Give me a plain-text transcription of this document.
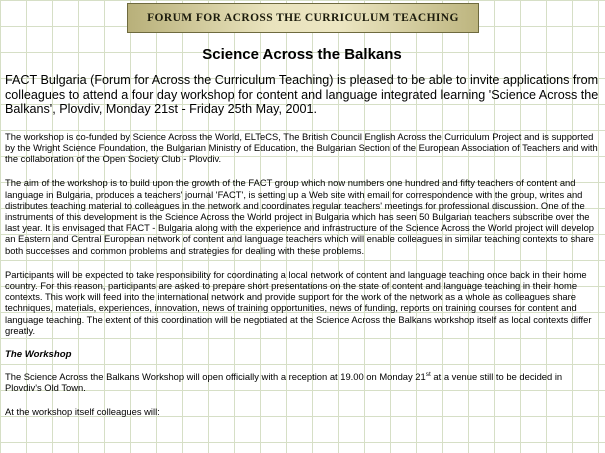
FORUM FOR ACROSS THE CURRICULUM TEACHING
Science Across the Balkans

FACT Bulgaria (Forum for Across the Curriculum Teaching) is pleased to be able to invite applications from colleagues to attend a four day workshop for content and language integrated learning 'Science Across the Balkans', Plovdiv, Monday 21st - Friday 25th May, 2001.

The workshop is co-funded by Science Across the World, ELTeCS, The British Council English Across the Curriculum Project and is supported by the Wright Science Foundation, the Bulgarian Ministry of Education, the Bulgarian Section of the European Association of Teachers and with the collaboration of the Open Society Club - Plovdiv.

The aim of the workshop is to build upon the growth of the FACT group which now numbers one hundred and fifty teachers of content and language in Bulgaria, produces a teachers' journal 'FACT', is setting up a Web site with email for correspondence with the group, writes and distributes teaching material to colleagues in the network and coordinates regular teachers' meetings for professional discussion. One of the instruments of this development is the Science Across the World project in Bulgaria which has seen 50 Bulgarian teachers subscribe over the last year. It is envisaged that FACT - Bulgaria along with the experience and infrastructure of the Science Across the World project will develop an Eastern and Central European network of content and language teachers which will enable colleagues in similar teaching contexts to share both successes and common problems and strategies for dealing with these problems.

Participants will be expected to take responsibility for coordinating a local network of content and language teaching once back in their home country. For this reason, participants are asked to prepare short presentations on the state of content and language teaching in their home contexts. This work will feed into the international network and provide support for the work of the network as a whole as colleagues share techniques, materials, experiences, innovation, news of training opportunities, news of funding, reports on training courses for content and language teaching. The extent of this coordination will be negotiated at the Science Across the Balkans workshop itself as local contexts differ greatly.

The Workshop

The Science Across the Balkans Workshop will open officially with a reception at 19.00 on Monday 21st at a venue still to be decided in Plovdiv's Old Town.

At the workshop itself colleagues will:
